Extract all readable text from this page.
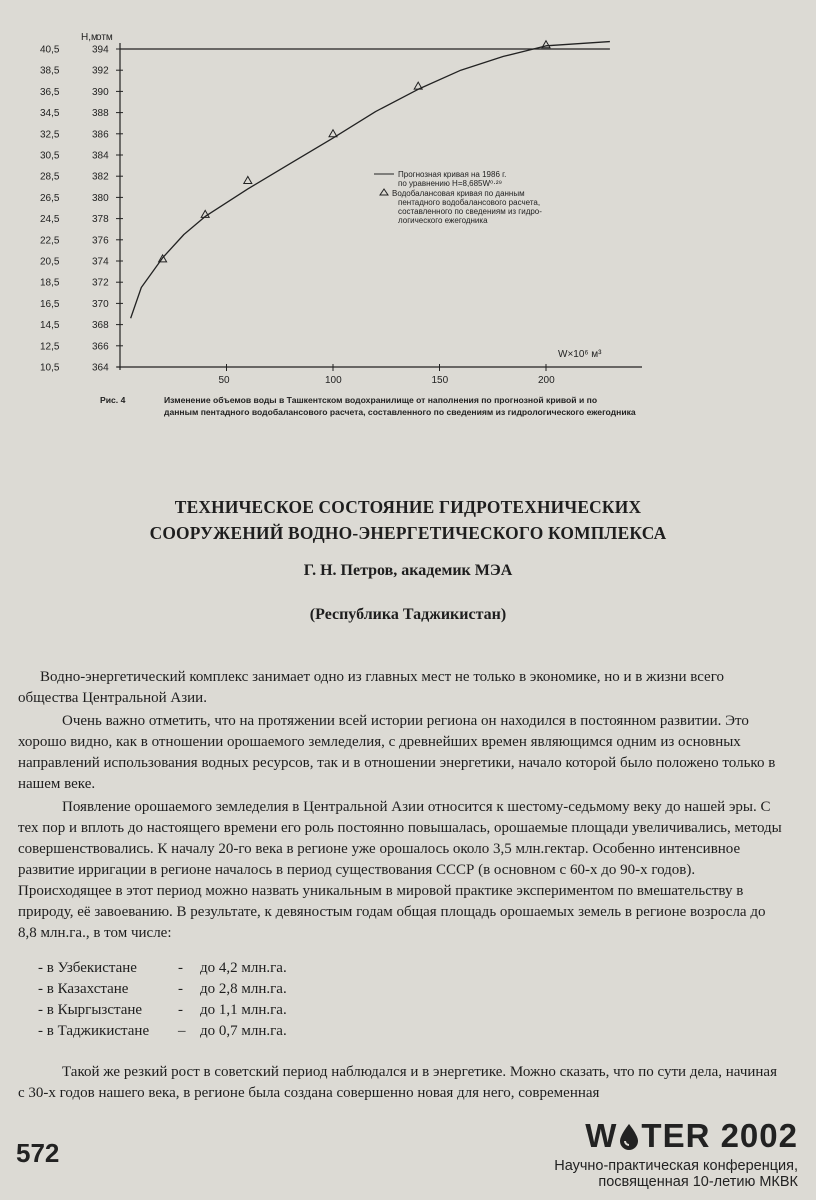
H,м
отм
W×10⁶ м³
40,5	394
38,5	392
36,5	390
34,5	388
32,5	386
30,5	384
28,5	382
26,5	380
24,5	378
22,5	376
20,5	374
18,5	372
16,5	370
14,5	368
12,5	366
10,5	364
50	100	150	200
Прогнозная кривая на 1986 г.
по уравнению H=8,685W⁰·²⁹
Водобалансовая кривая по данным
пентадного водобалансового расчета,
составленного по сведениям из гидро-
логического ежегодника
Рис. 4	Изменение объемов воды в Ташкентском водохранилище от наполнения по прогнозной кривой и по
данным пентадного водобалансового расчета, составленного по сведениям из гидрологического ежегодника
ТЕХНИЧЕСКОЕ СОСТОЯНИЕ ГИДРОТЕХНИЧЕСКИХ
СООРУЖЕНИЙ ВОДНО-ЭНЕРГЕТИЧЕСКОГО КОМПЛЕКСА
Г. Н. Петров, академик МЭА
(Республика Таджикистан)

Водно-энергетический комплекс занимает одно из главных мест не только в экономике, но и в жизни всего общества Центральной Азии.

Очень важно отметить, что на протяжении всей истории региона он находился в постоянном развитии. Это хорошо видно, как в отношении орошаемого земледелия, с древнейших времен являющимся одним из основных направлений использования водных ресурсов, так и в отношении энергетики, начало которой было положено только в нашем веке.

Появление орошаемого земледелия в Центральной Азии относится к шестому-седьмому веку до нашей эры. С тех пор и вплоть до настоящего времени его роль постоянно повышалась, орошаемые площади увеличивались, методы совершенствовались. К началу 20-го века в регионе уже орошалось около 3,5 млн.гектар. Особенно интенсивное развитие ирригации в регионе началось в период существования СССР (в основном с 60-х до 90-х годов). Происходящее в этот период можно назвать уникальным в мировой практике экспериментом по вмешательству в природу, её завоеванию. В результате, к девяностым годам общая площадь орошаемых земель в регионе возросла до 8,8 млн.га., в том числе:

- в Узбекистане	- до 4,2 млн.га.
- в Казахстане	- до 2,8 млн.га.
- в Кыргызстане - до 1,1 млн.га.
- в Таджикистане – до 0,7 млн.га.

Такой же резкий рост в советский период наблюдался и в энергетике. Можно сказать, что по сути дела, начиная с 30-х годов нашего века, в регионе была создана совершенно новая для него, современная

572	W TER 2002
Научно-практическая конференция,
посвященная 10-летию МКВК
